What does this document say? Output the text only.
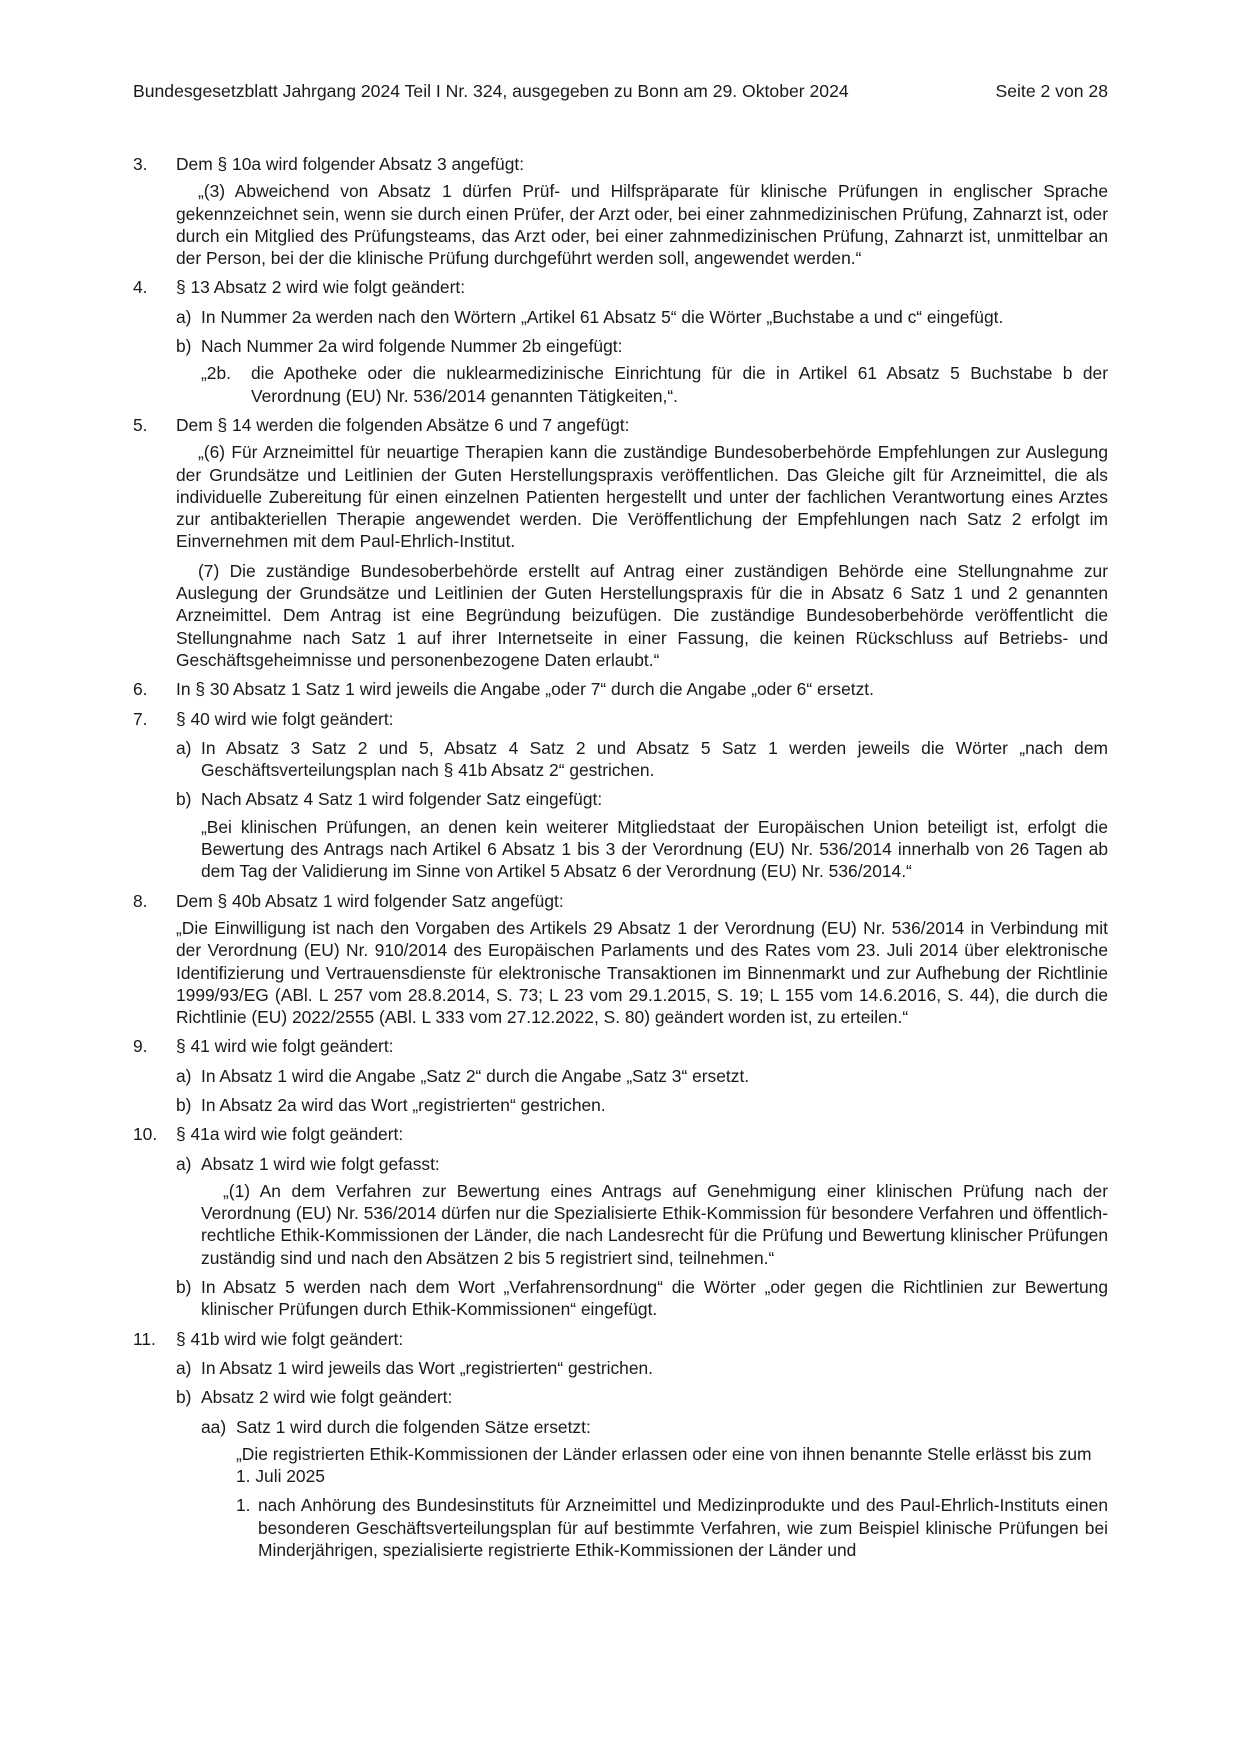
Bundesgesetzblatt Jahrgang 2024 Teil I Nr. 324, ausgegeben zu Bonn am 29. Oktober 2024	Seite 2 von 28
3. Dem § 10a wird folgender Absatz 3 angefügt:
„(3) Abweichend von Absatz 1 dürfen Prüf- und Hilfspräparate für klinische Prüfungen in englischer Sprache gekennzeichnet sein, wenn sie durch einen Prüfer, der Arzt oder, bei einer zahnmedizinischen Prüfung, Zahnarzt ist, oder durch ein Mitglied des Prüfungsteams, das Arzt oder, bei einer zahnmedizinischen Prüfung, Zahnarzt ist, unmittelbar an der Person, bei der die klinische Prüfung durchgeführt werden soll, angewendet werden.“
4. § 13 Absatz 2 wird wie folgt geändert:
a) In Nummer 2a werden nach den Wörtern „Artikel 61 Absatz 5“ die Wörter „Buchstabe a und c“ eingefügt.
b) Nach Nummer 2a wird folgende Nummer 2b eingefügt:
„2b. die Apotheke oder die nuklearmedizinische Einrichtung für die in Artikel 61 Absatz 5 Buchstabe b der Verordnung (EU) Nr. 536/2014 genannten Tätigkeiten,“.
5. Dem § 14 werden die folgenden Absätze 6 und 7 angefügt:
„(6) Für Arzneimittel für neuartige Therapien kann die zuständige Bundesoberbehörde Empfehlungen zur Auslegung der Grundsätze und Leitlinien der Guten Herstellungspraxis veröffentlichen. Das Gleiche gilt für Arzneimittel, die als individuelle Zubereitung für einen einzelnen Patienten hergestellt und unter der fachlichen Verantwortung eines Arztes zur antibakteriellen Therapie angewendet werden. Die Veröffentlichung der Empfehlungen nach Satz 2 erfolgt im Einvernehmen mit dem Paul-Ehrlich-Institut.
(7) Die zuständige Bundesoberbehörde erstellt auf Antrag einer zuständigen Behörde eine Stellungnahme zur Auslegung der Grundsätze und Leitlinien der Guten Herstellungspraxis für die in Absatz 6 Satz 1 und 2 genannten Arzneimittel. Dem Antrag ist eine Begründung beizufügen. Die zuständige Bundesoberbehörde veröffentlicht die Stellungnahme nach Satz 1 auf ihrer Internetseite in einer Fassung, die keinen Rückschluss auf Betriebs- und Geschäftsgeheimnisse und personenbezogene Daten erlaubt.“
6. In § 30 Absatz 1 Satz 1 wird jeweils die Angabe „oder 7“ durch die Angabe „oder 6“ ersetzt.
7. § 40 wird wie folgt geändert:
a) In Absatz 3 Satz 2 und 5, Absatz 4 Satz 2 und Absatz 5 Satz 1 werden jeweils die Wörter „nach dem Geschäftsverteilungsplan nach § 41b Absatz 2“ gestrichen.
b) Nach Absatz 4 Satz 1 wird folgender Satz eingefügt:
„Bei klinischen Prüfungen, an denen kein weiterer Mitgliedstaat der Europäischen Union beteiligt ist, erfolgt die Bewertung des Antrags nach Artikel 6 Absatz 1 bis 3 der Verordnung (EU) Nr. 536/2014 innerhalb von 26 Tagen ab dem Tag der Validierung im Sinne von Artikel 5 Absatz 6 der Verordnung (EU) Nr. 536/2014.“
8. Dem § 40b Absatz 1 wird folgender Satz angefügt:
„Die Einwilligung ist nach den Vorgaben des Artikels 29 Absatz 1 der Verordnung (EU) Nr. 536/2014 in Verbindung mit der Verordnung (EU) Nr. 910/2014 des Europäischen Parlaments und des Rates vom 23. Juli 2014 über elektronische Identifizierung und Vertrauensdienste für elektronische Transaktionen im Binnenmarkt und zur Aufhebung der Richtlinie 1999/93/EG (ABl. L 257 vom 28.8.2014, S. 73; L 23 vom 29.1.2015, S. 19; L 155 vom 14.6.2016, S. 44), die durch die Richtlinie (EU) 2022/2555 (ABl. L 333 vom 27.12.2022, S. 80) geändert worden ist, zu erteilen.“
9. § 41 wird wie folgt geändert:
a) In Absatz 1 wird die Angabe „Satz 2“ durch die Angabe „Satz 3“ ersetzt.
b) In Absatz 2a wird das Wort „registrierten“ gestrichen.
10. § 41a wird wie folgt geändert:
a) Absatz 1 wird wie folgt gefasst:
„(1) An dem Verfahren zur Bewertung eines Antrags auf Genehmigung einer klinischen Prüfung nach der Verordnung (EU) Nr. 536/2014 dürfen nur die Spezialisierte Ethik-Kommission für besondere Verfahren und öffentlich-rechtliche Ethik-Kommissionen der Länder, die nach Landesrecht für die Prüfung und Bewertung klinischer Prüfungen zuständig sind und nach den Absätzen 2 bis 5 registriert sind, teilnehmen.“
b) In Absatz 5 werden nach dem Wort „Verfahrensordnung“ die Wörter „oder gegen die Richtlinien zur Bewertung klinischer Prüfungen durch Ethik-Kommissionen“ eingefügt.
11. § 41b wird wie folgt geändert:
a) In Absatz 1 wird jeweils das Wort „registrierten“ gestrichen.
b) Absatz 2 wird wie folgt geändert:
aa) Satz 1 wird durch die folgenden Sätze ersetzt:
„Die registrierten Ethik-Kommissionen der Länder erlassen oder eine von ihnen benannte Stelle erlässt bis zum 1. Juli 2025
1. nach Anhörung des Bundesinstituts für Arzneimittel und Medizinprodukte und des Paul-Ehrlich-Instituts einen besonderen Geschäftsverteilungsplan für auf bestimmte Verfahren, wie zum Beispiel klinische Prüfungen bei Minderjährigen, spezialisierte registrierte Ethik-Kommissionen der Länder und
